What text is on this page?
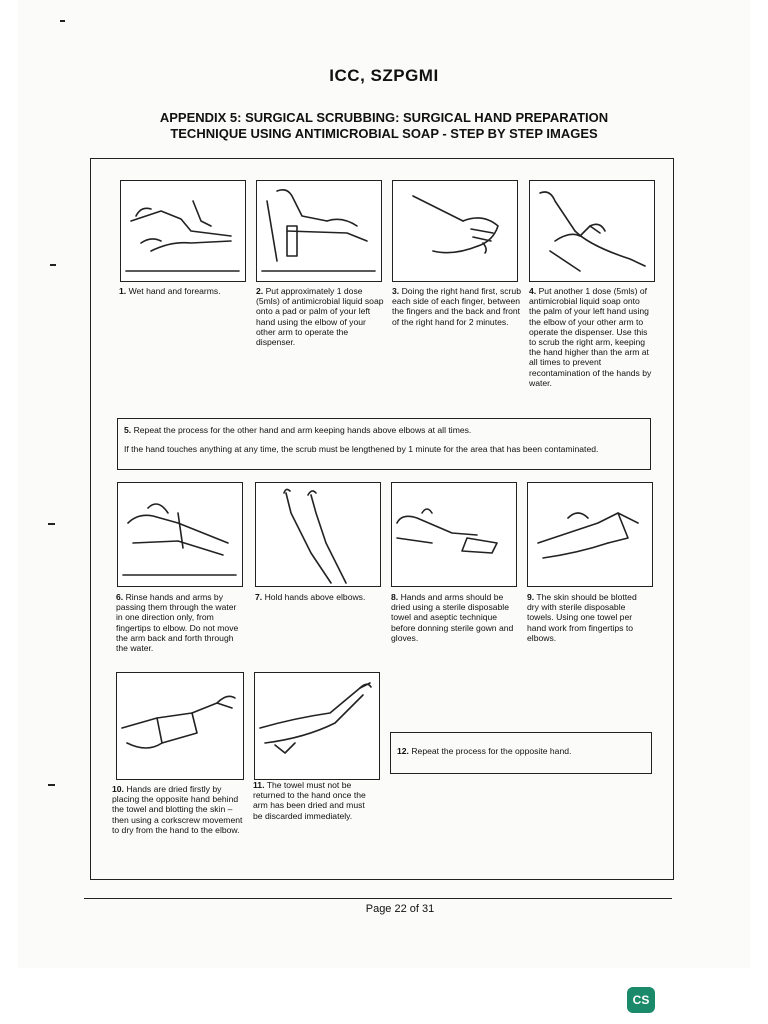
ICC, SZPGMI
APPENDIX 5: SURGICAL SCRUBBING: SURGICAL HAND PREPARATION
TECHNIQUE USING ANTIMICROBIAL SOAP - STEP BY STEP IMAGES
1. Wet hand and forearms.	2. Put approximately 1 dose (5mls) of antimicrobial liquid soap onto a pad or palm of your left hand using the elbow of your other arm to operate the dispenser.
3. Doing the right hand first, scrub each side of each finger, between the fingers and the back and front of the right hand for 2 minutes.
4. Put another 1 dose (5mls) of antimicrobial liquid soap onto the palm of your left hand using the elbow of your other arm to operate the dispenser. Use this to scrub the right arm, keeping the hand higher than the arm at all times to prevent recontamination of the hands by water.
5. Repeat the process for the other hand and arm keeping hands above elbows at all times.
If the hand touches anything at any time, the scrub must be lengthened by 1 minute for the area that has been contaminated.
6. Rinse hands and arms by passing them through the water in one direction only, from fingertips to elbow. Do not move the arm back and forth through the water.
7. Hold hands above elbows.	8. Hands and arms should be dried using a sterile disposable towel and aseptic technique before donning sterile gown and gloves.
9. The skin should be blotted dry with sterile disposable towels. Using one towel per hand work from fingertips to elbows.
12. Repeat the process for the opposite hand.
10. Hands are dried firstly by placing the opposite hand behind the towel and blotting the skin – then using a corkscrew movement to dry from the hand to the elbow.
11. The towel must not be returned to the hand once the arm has been dried and must be discarded immediately.
Page 22 of 31
CS
